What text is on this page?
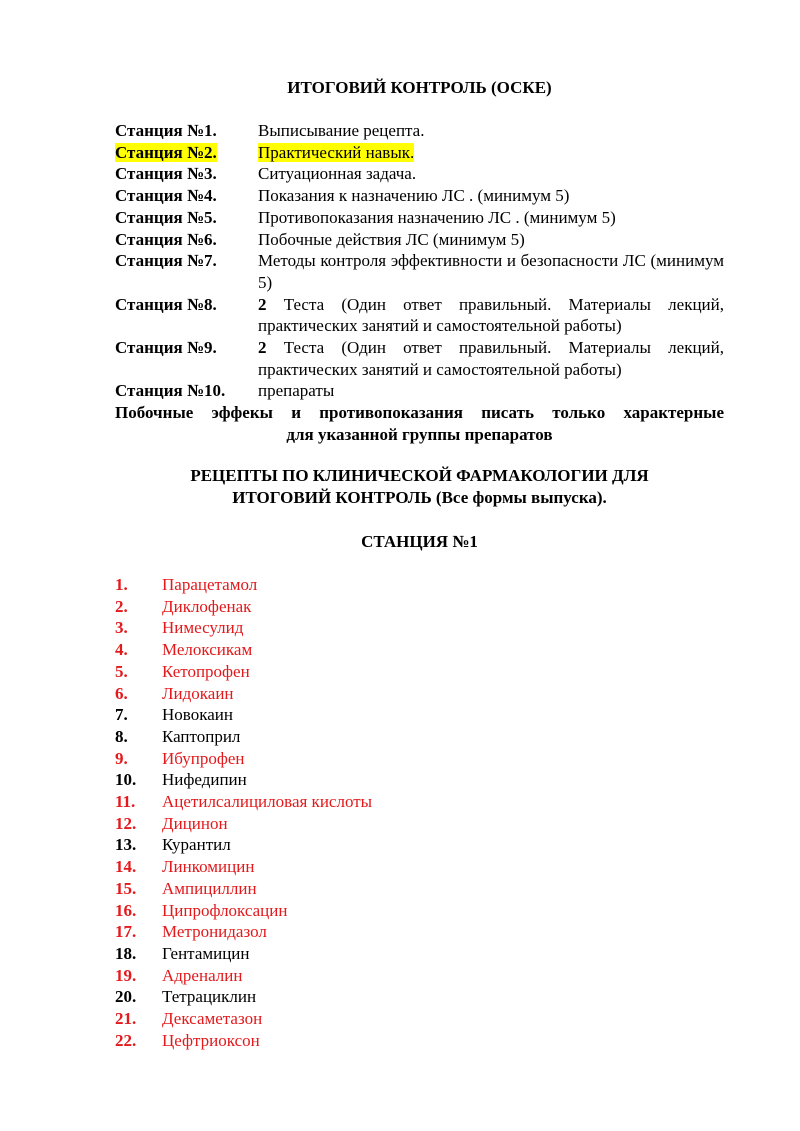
ИТОГОВИЙ КОНТРОЛЬ (ОСКЕ)
Станция №1.	Выписывание рецепта.
Станция №2.	Практический навык.
Станция №3.	Ситуационная задача.
Станция №4.	Показания к назначению ЛС . (минимум 5)
Станция №5.	Противопоказания назначению ЛС . (минимум 5)
Станция №6.	Побочные действия ЛС (минимум 5)
Станция №7.	Методы контроля эффективности и безопасности ЛС (минимум 5)
Станция №8.	2 Теста (Один ответ правильный. Материалы лекций, практических занятий и самостоятельной работы)
Станция №9.	2 Теста (Один ответ правильный. Материалы лекций, практических занятий и самостоятельной работы)
Станция №10.	препараты
Побочные эффекы и противопоказания писать только характерные
для указанной группы препаратов
РЕЦЕПТЫ ПО КЛИНИЧЕСКОЙ ФАРМАКОЛОГИИ ДЛЯ
ИТОГОВИЙ КОНТРОЛЬ (Все формы выпуска).
СТАНЦИЯ №1
1.	Парацетамол
2.	Диклофенак
3.	Нимесулид
4.	Мелоксикам
5.	Кетопрофен
6.	Лидокаин
7.	Новокаин
8.	Каптоприл
9.	Ибупрофен
10.	Нифедипин
11.	Ацетилсалициловая кислоты
12.	Дицинон
13.	Курантил
14.	Линкомицин
15.	Ампициллин
16.	Ципрофлоксацин
17.	Метронидазол
18.	Гентамицин
19.	Адреналин
20.	Тетрациклин
21.	Дексаметазон
22.	Цефтриоксон
